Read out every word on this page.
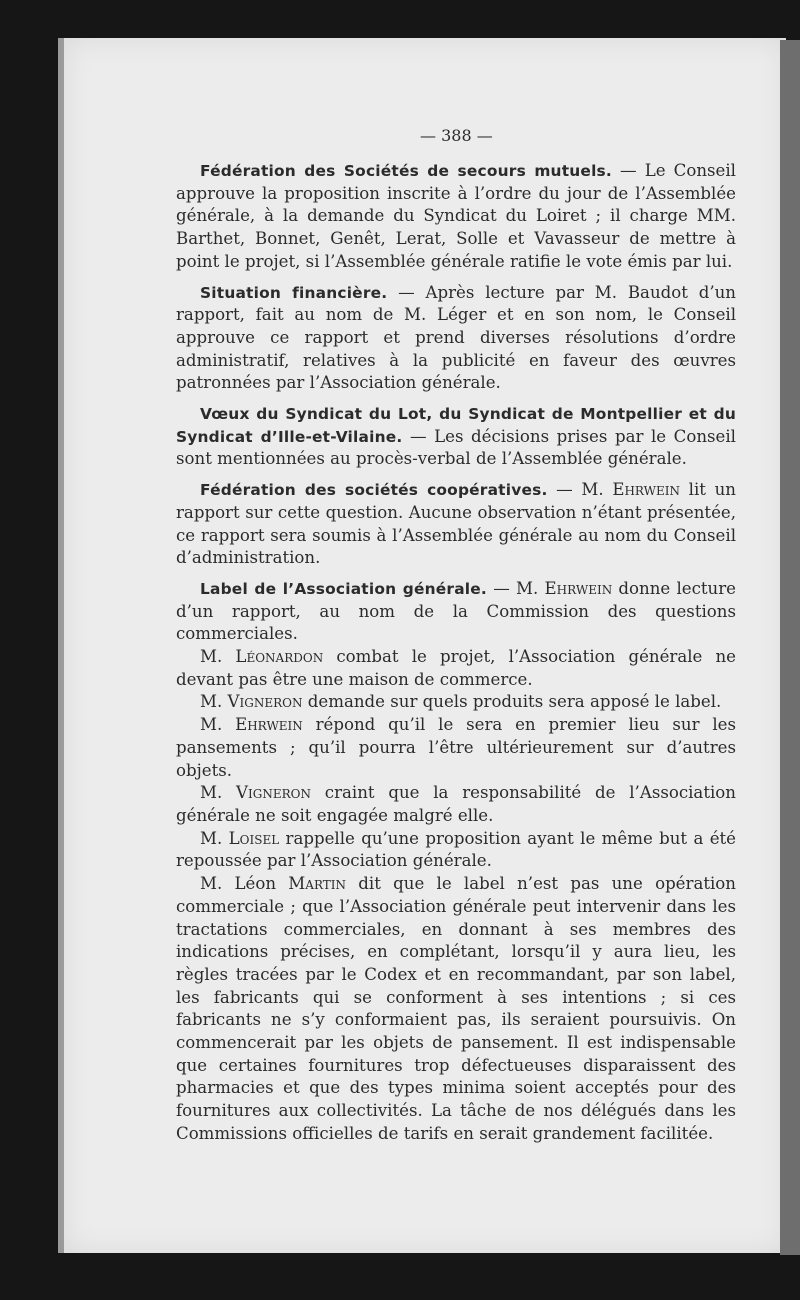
— 388 —

Fédération des Sociétés de secours mutuels. — Le Conseil approuve la proposition inscrite à l’ordre du jour de l’Assemblée générale, à la demande du Syndicat du Loiret ; il charge MM. Barthet, Bonnet, Genêt, Lerat, Solle et Vavasseur de mettre à point le projet, si l’Assemblée générale ratifie le vote émis par lui.

Situation financière. — Après lecture par M. Baudot d’un rapport, fait au nom de M. Léger et en son nom, le Conseil approuve ce rapport et prend diverses résolutions d’ordre administratif, relatives à la publicité en faveur des œuvres patronnées par l’Association générale.

Vœux du Syndicat du Lot, du Syndicat de Montpellier et du Syndicat d’Ille-et-Vilaine. — Les décisions prises par le Conseil sont mentionnées au procès-verbal de l’Assemblée générale.

Fédération des sociétés coopératives. — M. Ehrwein lit un rapport sur cette question. Aucune observation n’étant présentée, ce rapport sera soumis à l’Assemblée générale au nom du Conseil d’administration.

Label de l’Association générale. — M. Ehrwein donne lecture d’un rapport, au nom de la Commission des questions commerciales.

M. Léonardon combat le projet, l’Association générale ne devant pas être une maison de commerce.

M. Vigneron demande sur quels produits sera apposé le label.

M. Ehrwein répond qu’il le sera en premier lieu sur les pansements ; qu’il pourra l’être ultérieurement sur d’autres objets.

M. Vigneron craint que la responsabilité de l’Association générale ne soit engagée malgré elle.

M. Loisel rappelle qu’une proposition ayant le même but a été repoussée par l’Association générale.

M. Léon Martin dit que le label n’est pas une opération commerciale ; que l’Association générale peut intervenir dans les tractations commerciales, en donnant à ses membres des indications précises, en complétant, lorsqu’il y aura lieu, les règles tracées par le Codex et en recommandant, par son label, les fabricants qui se conforment à ses intentions ; si ces fabricants ne s’y conformaient pas, ils seraient poursuivis. On commencerait par les objets de pansement. Il est indispensable que certaines fournitures trop défectueuses disparaissent des pharmacies et que des types minima soient acceptés pour des fournitures aux collectivités. La tâche de nos délégués dans les Commissions officielles de tarifs en serait grandement facilitée.
